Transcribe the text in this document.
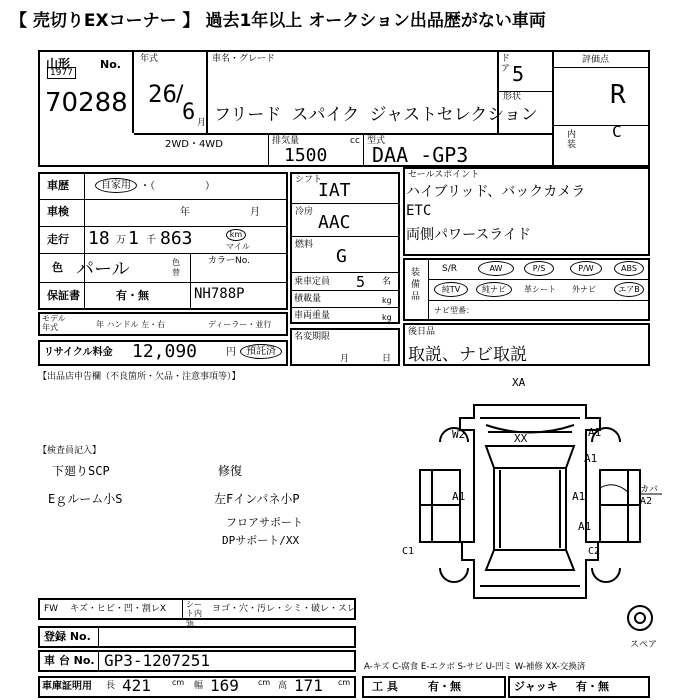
【 売切りEXコーナー 】 過去1年以上 オークション出品歴がない車両
山形
1977
No.
70288
年式
26 /
6 月
車名・グレード
フリード スパイク ジャストセレクション
ドア 5
形状
評価点
R
内装
C
2WD・4WD	排気量	cc
1500
型式
DAA -GP3
車歴	自家用 ・（　　　　　）
車検	年	月
走行 18 万 1 千 863	km
マイル
色 パール	色替
カラーNo.
保証書	有・無	NH788P
モデル年式	年 ハンドル 左・右	ディーラー・並行
リサイクル料金 12,090	円	預託済
シフト
IAT
冷房 AAC
燃料
G
乗車定員 5 名
積載量	kg
車両重量	kg
名変期限
月	日
セールスポイント
ハイブリッド、バックカメラ
ETC
両側パワースライド
装備品
S/R	AW	P/S	P/W	ABS
純TV	純ナビ	革シート 外ナビ	エアB
ナビ型番：
後日品
取説、ナビ取説
【出品店申告欄（不良箇所・欠品・注意事項等）】
【検査員記入】
下廻りSCP
Eｇルーム小S
修復
左Fインパネ小P
フロアサポート
DPサポート/XX
XA
W2	XX	A1
A1	A1
A1
A1
カバ
A2
C1	C2
スペア
FW キズ・ヒビ・凹・割レX	シート内張
ヨゴ・穴・汚レ・シミ・破レ・スレ
登録 No.
車 台 No. GP3-1207251
車庫証明用 長 421	cm 幅 169 cm 高 171 cm
A-キズ C-腐食 E-エクボ S-サビ U-凹ミ W-補修 XX-交換済
工 具	有・無	ジャッキ 有・無
